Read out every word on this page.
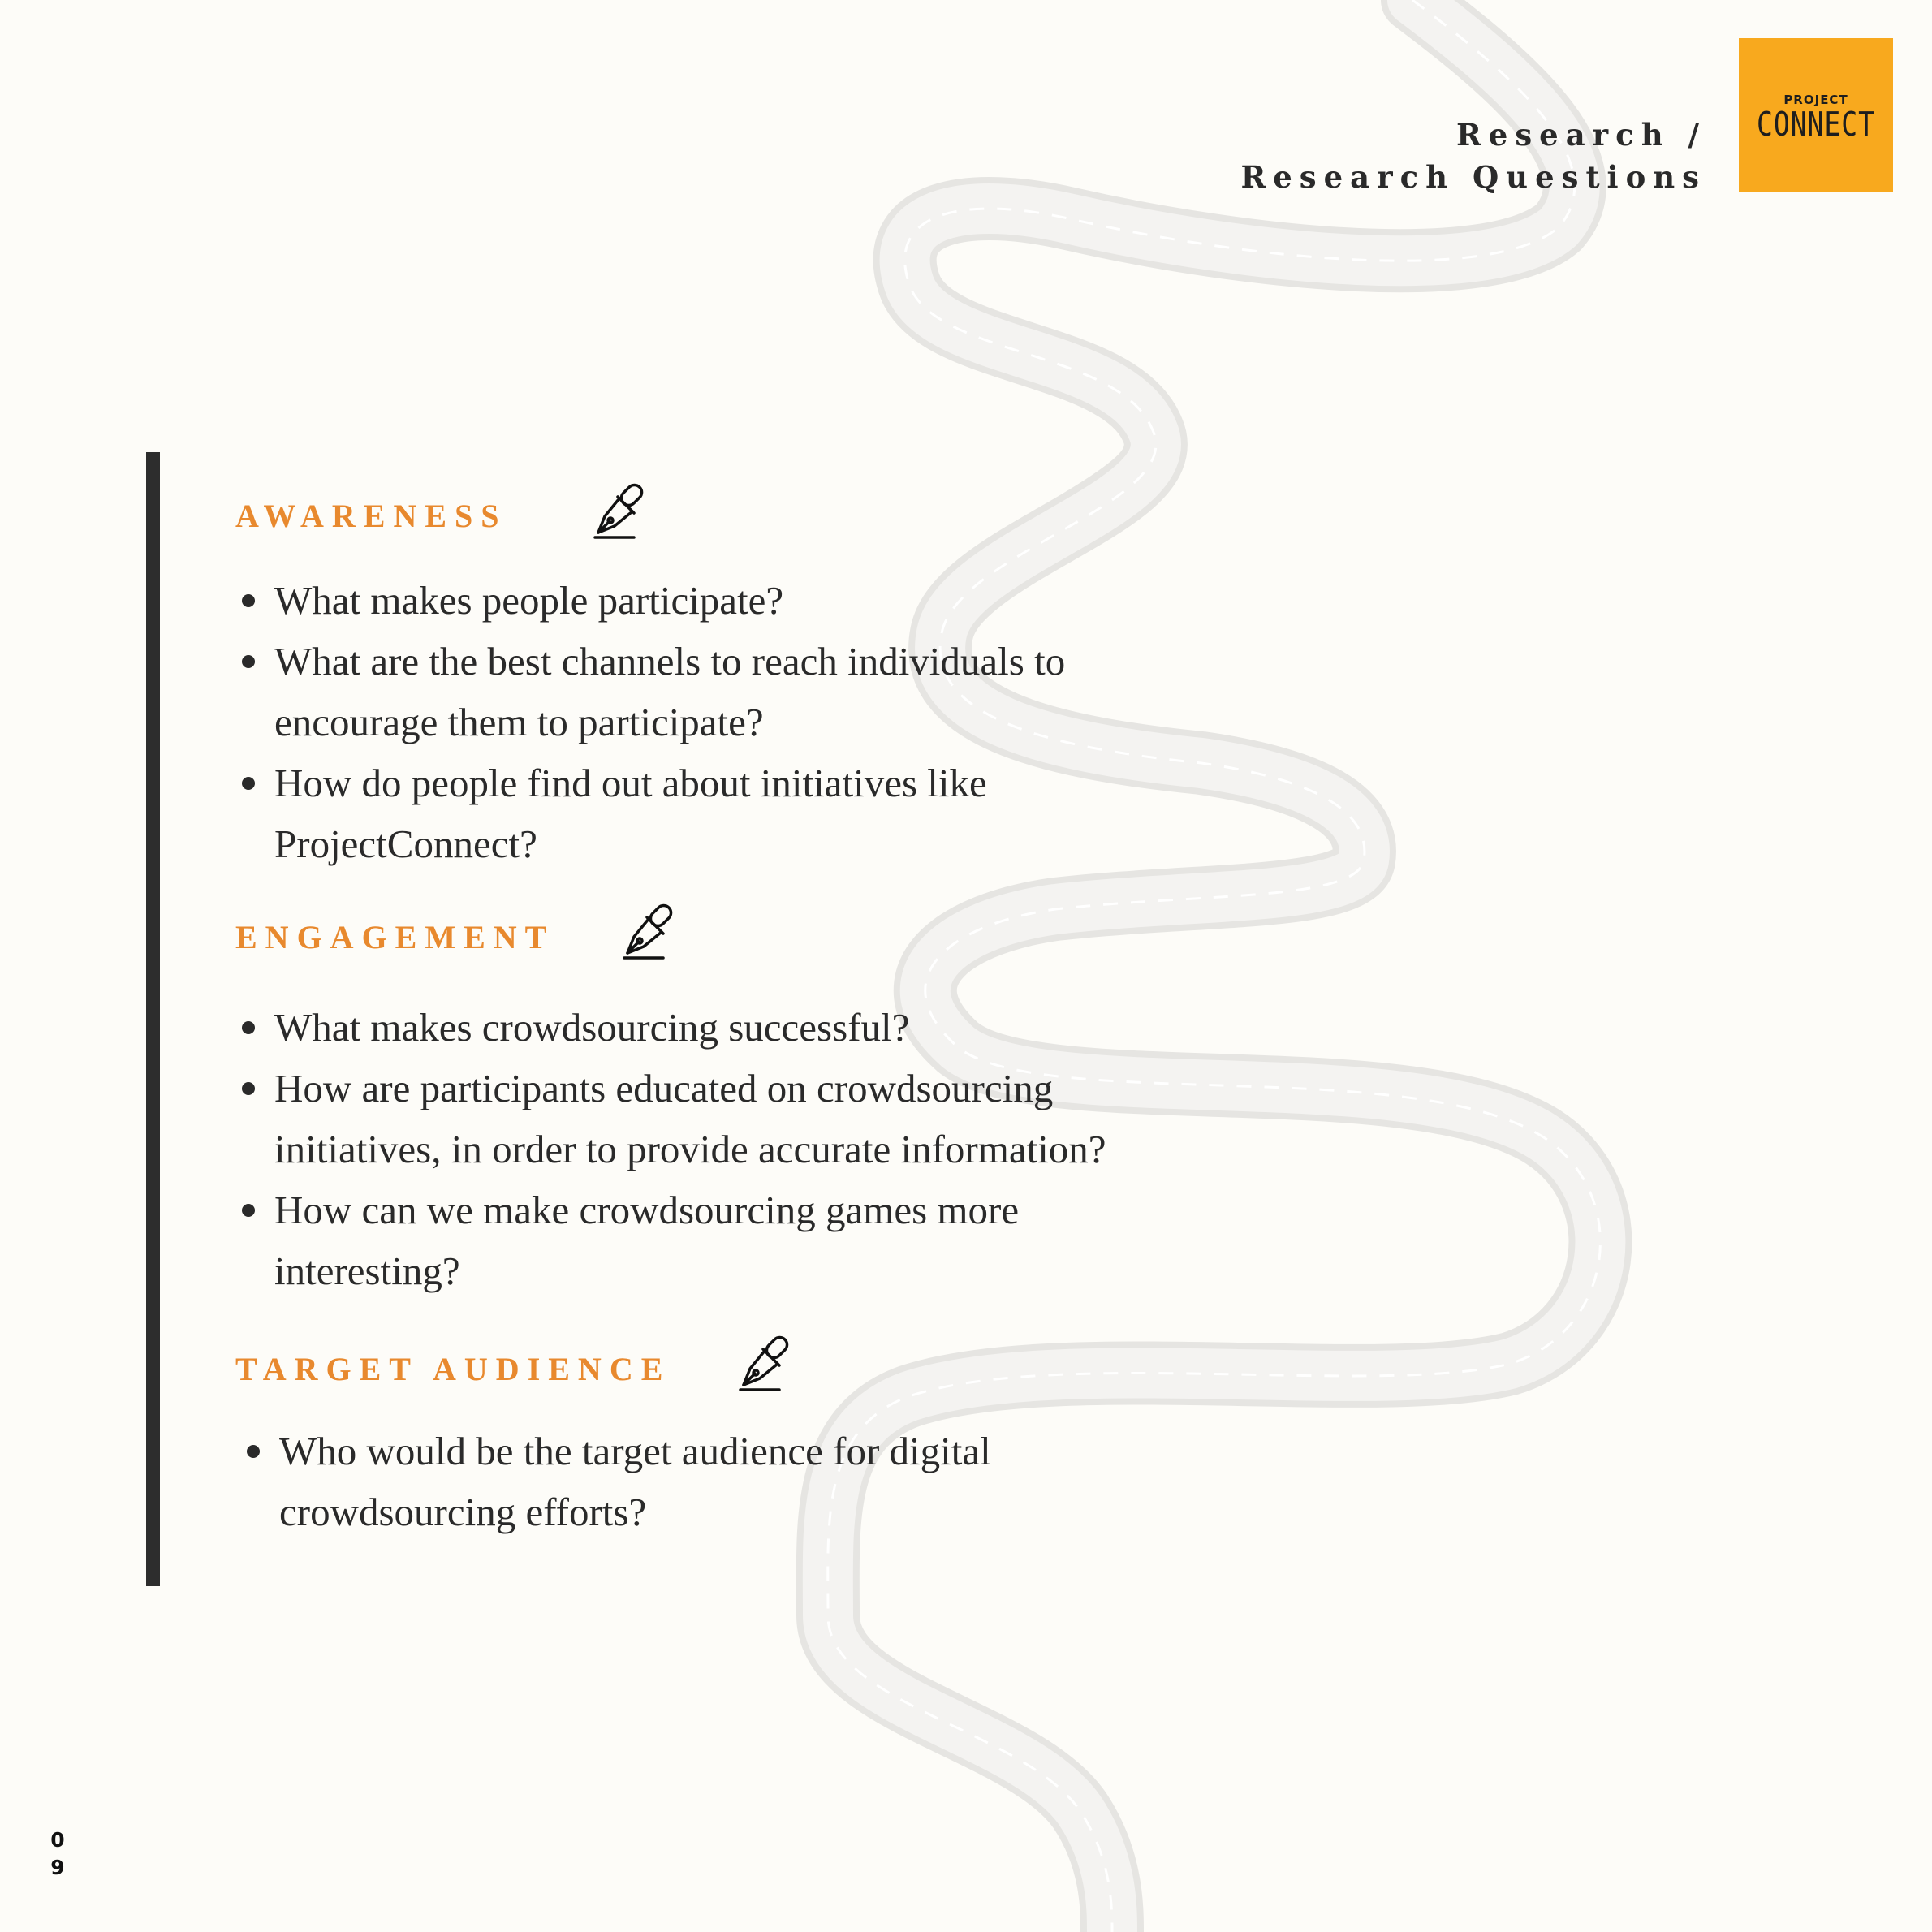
Research /
Research Questions
PROJECT
CONNECT
AWARENESS
What makes people participate?
What are the best channels to reach individuals to encourage them to participate?
How do people find out about initiatives like ProjectConnect?
ENGAGEMENT
What makes crowdsourcing successful?
How are participants educated on crowdsourcing initiatives, in order to provide accurate information?
How can we make crowdsourcing games more interesting?
TARGET AUDIENCE
Who would be the target audience for digital crowdsourcing efforts?
0
9
